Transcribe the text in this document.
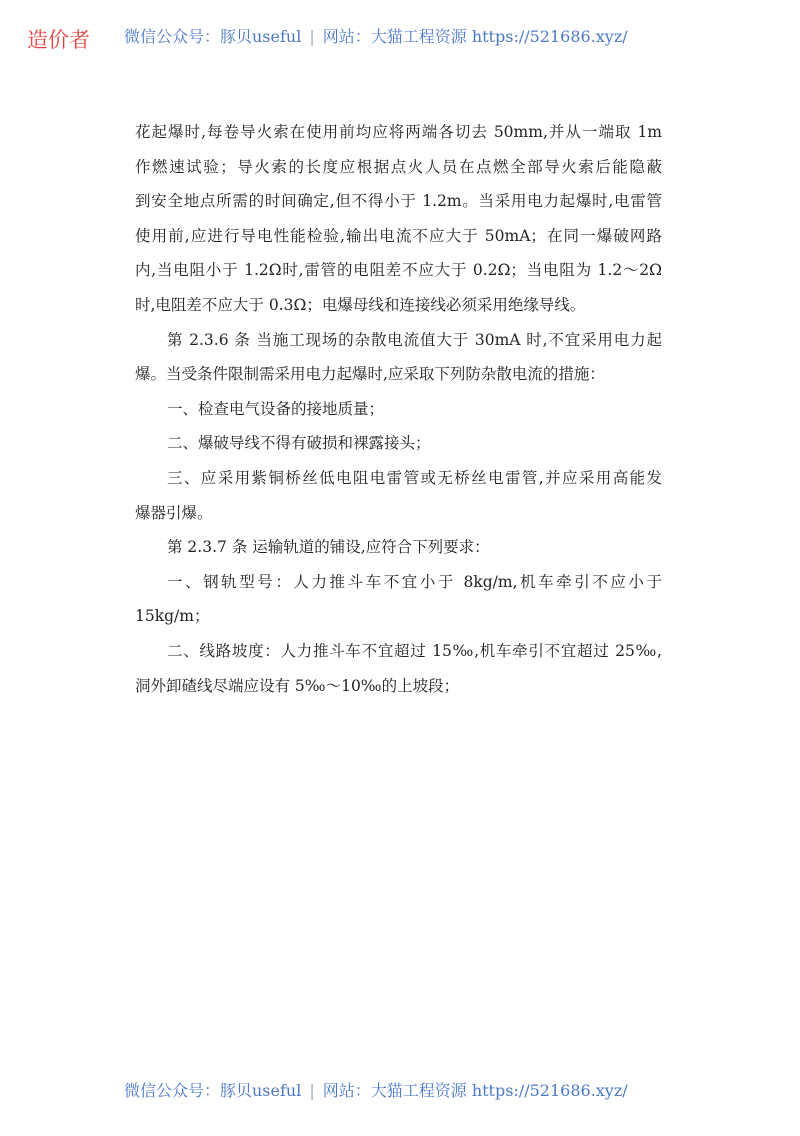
造价者 微信公众号：豚贝useful | 网站：大猫工程资源 https://521686.xyz/
花起爆时,每卷导火索在使用前均应将两端各切去 50mm,并从一端取 1m
作燃速试验；导火索的长度应根据点火人员在点燃全部导火索后能隐蔽
到安全地点所需的时间确定,但不得小于 1.2m。当采用电力起爆时,电雷管
使用前,应进行导电性能检验,输出电流不应大于 50mA；在同一爆破网路
内,当电阻小于 1.2Ω时,雷管的电阻差不应大于 0.2Ω；当电阻为 1.2～2Ω
时,电阻差不应大于 0.3Ω；电爆母线和连接线必须采用绝缘导线。
第 2.3.6 条 当施工现场的杂散电流值大于 30mA 时,不宜采用电力起
爆。当受条件限制需采用电力起爆时,应采取下列防杂散电流的措施：
一、检查电气设备的接地质量；
二、爆破导线不得有破损和裸露接头；
三、应采用紫铜桥丝低电阻电雷管或无桥丝电雷管,并应采用高能发
爆器引爆。
第 2.3.7 条 运输轨道的铺设,应符合下列要求：
一、钢轨型号：人力推斗车不宜小于 8kg/m,机车牵引不应小于
15kg/m；
二、线路坡度：人力推斗车不宜超过 15‰,机车牵引不宜超过 25‰,
洞外卸碴线尽端应设有 5‰～10‰的上坡段；
微信公众号：豚贝useful | 网站：大猫工程资源 https://521686.xyz/
